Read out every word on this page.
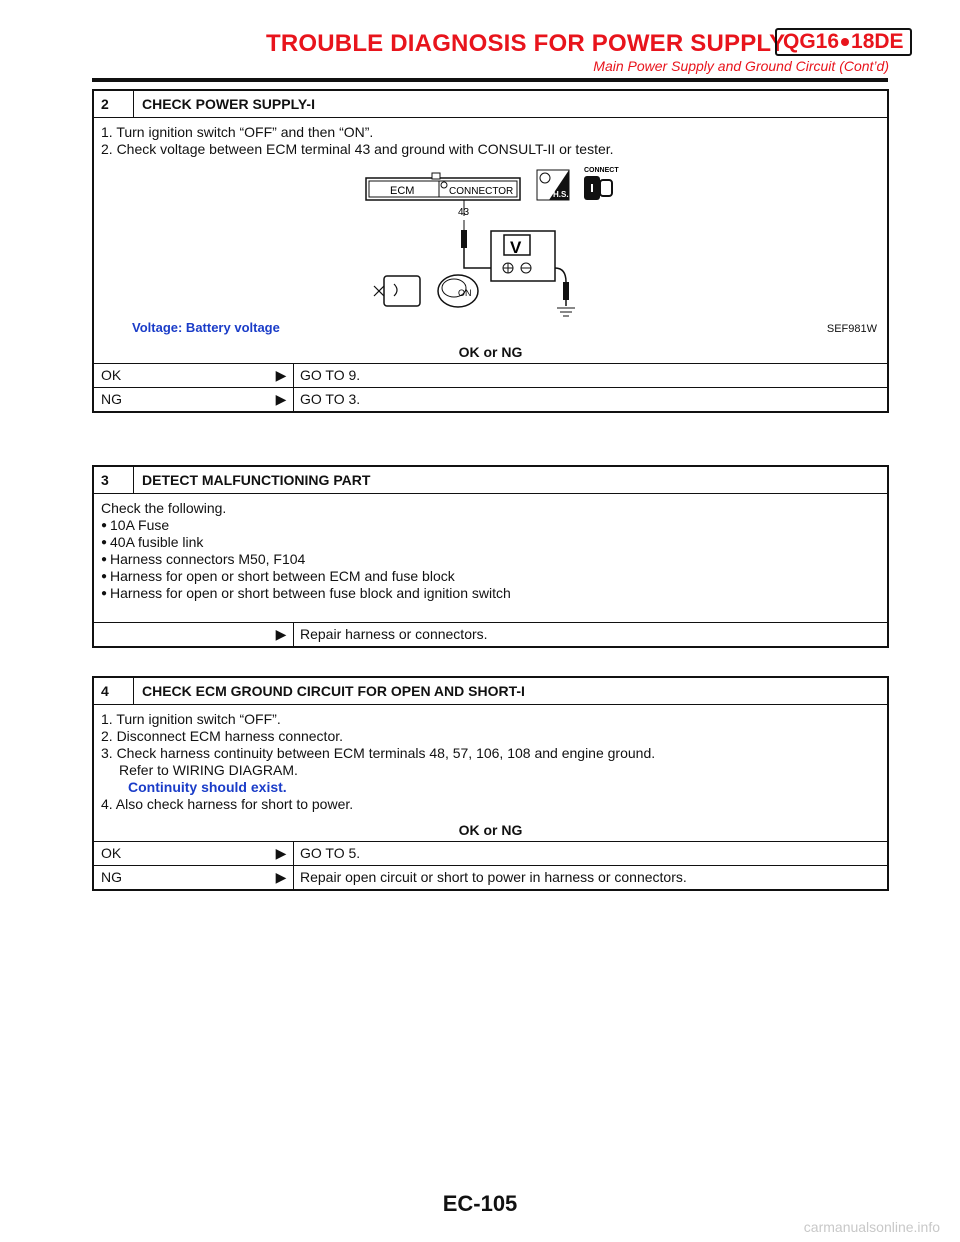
TROUBLE DIAGNOSIS FOR POWER SUPPLY
QG16 18DE
Main Power Supply and Ground Circuit (Cont’d)
2	CHECK POWER SUPPLY-I

1. Turn ignition switch “OFF” and then “ON”.

2. Check voltage between ECM terminal 43 and ground with CONSULT-II or tester.

ECM	CONNECTOR
43
V
H.S.
CONNECT
ON
Voltage: Battery voltage	SEF981W
OK or NG
OK	▶ GO TO 9.
NG	▶ GO TO 3.
3	DETECT MALFUNCTIONING PART

Check the following.

● 10A Fuse
● 40A fusible link
● Harness connectors M50, F104
● Harness for open or short between ECM and fuse block
● Harness for open or short between fuse block and ignition switch
▶ Repair harness or connectors.
4	CHECK ECM GROUND CIRCUIT FOR OPEN AND SHORT-I

1. Turn ignition switch “OFF”.

2. Disconnect ECM harness connector.

3. Check harness continuity between ECM terminals 48, 57, 106, 108 and engine ground.

Refer to WIRING DIAGRAM.

Continuity should exist.

4. Also check harness for short to power.

OK or NG
OK	▶ GO TO 5.
NG	▶ Repair open circuit or short to power in harness or connectors.
EC-105
carmanualsonline.info
